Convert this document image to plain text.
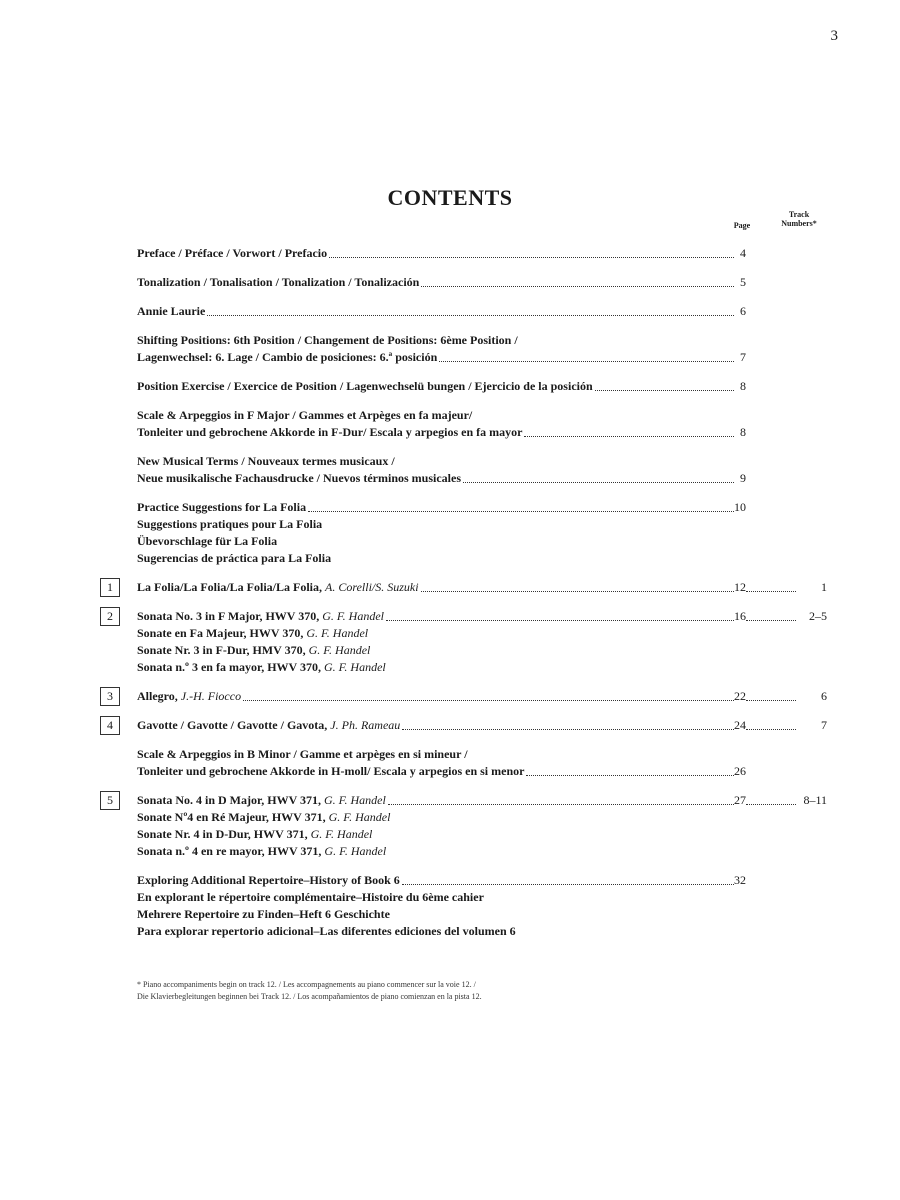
3
CONTENTS
Page
Track Numbers*
Preface / Préface / Vorwort / Prefacio	4
Tonalization / Tonalisation / Tonalization / Tonalización	5
Annie Laurie	6
Shifting Positions: 6th Position / Changement de Positions: 6ème Position /
Lagenwechsel: 6. Lage / Cambio de posiciones: 6.ª posición	7
Position Exercise / Exercice de Position / Lagenwechselü bungen / Ejercicio de la posición	8
Scale & Arpeggios in F Major / Gammes et Arpèges en fa majeur/
Tonleiter und gebrochene Akkorde in F-Dur/ Escala y arpegios en fa mayor	8
New Musical Terms / Nouveaux termes musicaux /
Neue musikalische Fachausdrucke / Nuevos términos musicales	9
Practice Suggestions for La Folia	10
Suggestions pratiques pour La Folia
Übevorschlage für La Folia
Sugerencias de práctica para La Folia
1	La Folia/La Folia/La Folia/La Folia, A. Corelli/S. Suzuki	12	1
2	Sonata No. 3 in F Major, HWV 370, G. F. Handel	16	2–5
Sonate en Fa Majeur, HWV 370, G. F. Handel
Sonate Nr. 3 in F-Dur, HMV 370, G. F. Handel
Sonata n.º 3 en fa mayor, HWV 370, G. F. Handel
3	Allegro, J.-H. Fiocco	22	6
4	Gavotte / Gavotte / Gavotte / Gavota, J. Ph. Rameau	24	7
Scale & Arpeggios in B Minor / Gamme et arpèges en si mineur /
Tonleiter und gebrochene Akkorde in H-moll/ Escala y arpegios en si menor	26
5	Sonata No. 4 in D Major, HWV 371, G. F. Handel	27	8–11
Sonate Nº4 en Ré Majeur, HWV 371, G. F. Handel
Sonate Nr. 4 in D-Dur, HWV 371, G. F. Handel
Sonata n.º 4 en re mayor, HWV 371, G. F. Handel
Exploring Additional Repertoire–History of Book 6	32
En explorant le répertoire complémentaire–Histoire du 6ème cahier
Mehrere Repertoire zu Finden–Heft 6 Geschichte
Para explorar repertorio adicional–Las diferentes ediciones del volumen 6
* Piano accompaniments begin on track 12. / Les accompagnements au piano commencer sur la voie 12. /
Die Klavierbegleitungen beginnen bei Track 12. / Los acompañamientos de piano comienzan en la pista 12.
